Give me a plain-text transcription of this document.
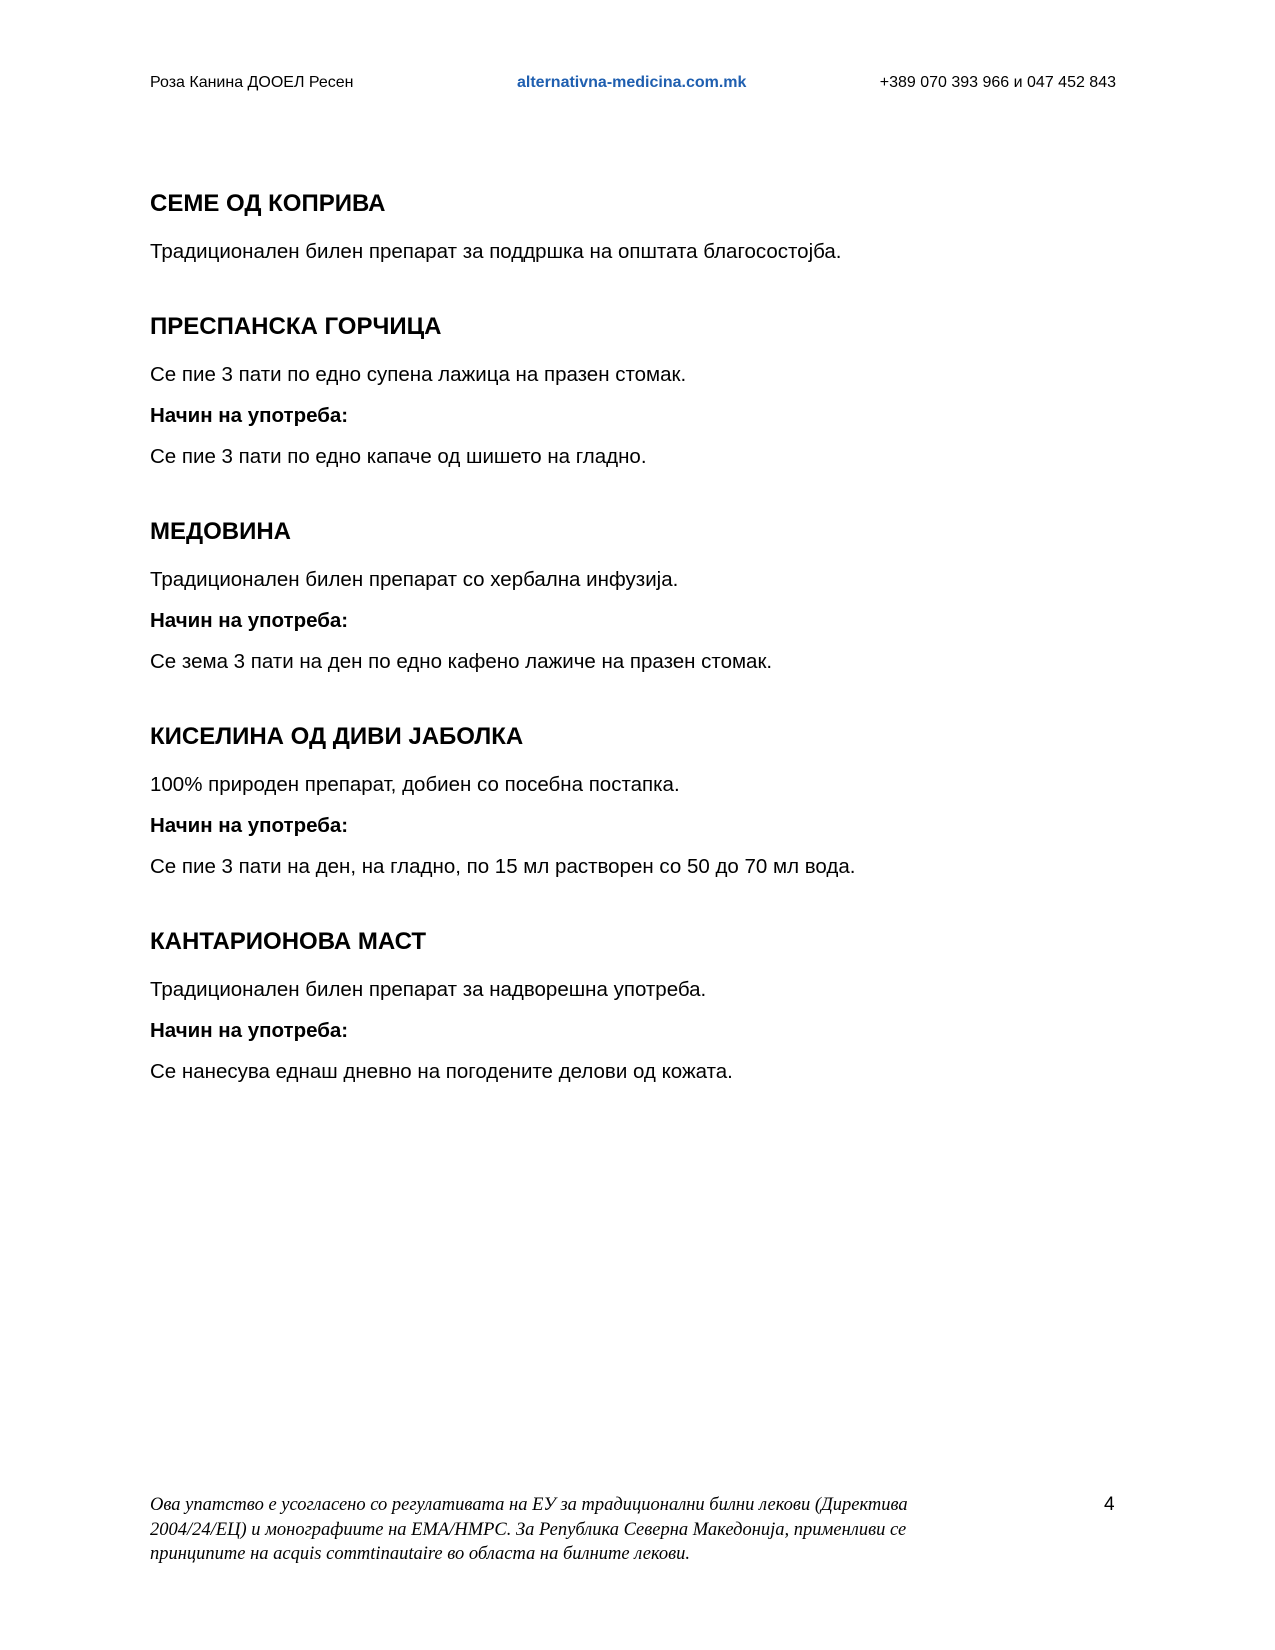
Роза Канина ДООЕЛ Ресен	alternativna-medicina.com.mk	+389 070 393 966 и 047 452 843
СЕМЕ ОД КОПРИВА
Традиционален билен препарат за поддршка на општата благосостојба.
ПРЕСПАНСКА ГОРЧИЦА
Се пие 3 пати по едно супена лажица на празен стомак.
Начин на употреба:
Се пие 3 пати по едно капаче од шишето на гладно.
МЕДОВИНА
Традиционален билен препарат со хербална инфузија.
Начин на употреба:
Се зема 3 пати на ден по едно кафено лажиче на празен стомак.
КИСЕЛИНА ОД ДИВИ ЈАБОЛКА
100% природен препарат, добиен со посебна постапка.
Начин на употреба:
Се пие 3 пати на ден, на гладно, по 15 мл растворен со 50 до 70 мл вода.
КАНТАРИОНОВА МАСТ
Традиционален билен препарат за надворешна употреба.
Начин на употреба:
Се нанесува еднаш дневно на погодените делови од кожата.
Ова упатство е усогласено со регулативата на ЕУ за традиционални билни лекови (Директива
2004/24/ЕЦ) и монографиите на ЕМА/HMPC. За Република Северна Македонија, применливи се
принципите на acquis commtinautaire во областа на билните лекови.
4
